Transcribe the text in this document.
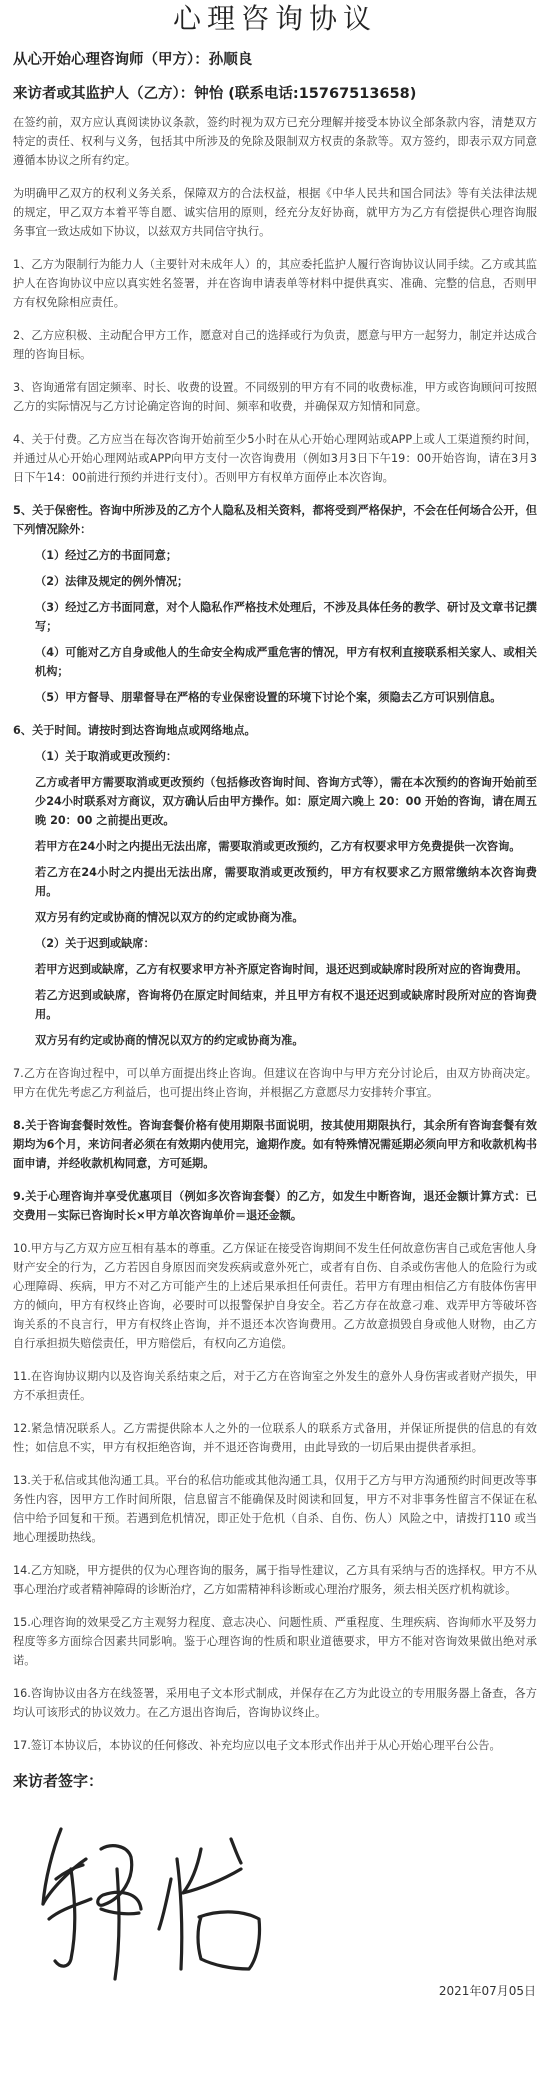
心理咨询协议
从心开始心理咨询师（甲方）：孙顺良
来访者或其监护人（乙方）：钟怡 (联系电话:15767513658)

在签约前，双方应认真阅读协议条款，签约时视为双方已充分理解并接受本协议全部条款内容，清楚双方特定的责任、权利与义务，包括其中所涉及的免除及限制双方权责的条款等。双方签约，即表示双方同意遵循本协议之所有约定。

为明确甲乙双方的权利义务关系，保障双方的合法权益，根据《中华人民共和国合同法》等有关法律法规的规定，甲乙双方本着平等自愿、诚实信用的原则，经充分友好协商，就甲方为乙方有偿提供心理咨询服务事宜一致达成如下协议，以兹双方共同信守执行。

1、乙方为限制行为能力人（主要针对未成年人）的，其应委托监护人履行咨询协议认同手续。乙方或其监护人在咨询协议中应以真实姓名签署，并在咨询申请表单等材料中提供真实、准确、完整的信息，否则甲方有权免除相应责任。

2、乙方应积极、主动配合甲方工作，愿意对自己的选择或行为负责，愿意与甲方一起努力，制定并达成合理的咨询目标。

3、咨询通常有固定频率、时长、收费的设置。不同级别的甲方有不同的收费标准，甲方或咨询顾问可按照乙方的实际情况与乙方讨论确定咨询的时间、频率和收费，并确保双方知情和同意。

4、关于付费。乙方应当在每次咨询开始前至少5小时在从心开始心理网站或APP上或人工渠道预约时间，并通过从心开始心理网站或APP向甲方支付一次咨询费用（例如3月3日下午19：00开始咨询，请在3月3日下午14：00前进行预约并进行支付）。否则甲方有权单方面停止本次咨询。

5、关于保密性。咨询中所涉及的乙方个人隐私及相关资料，都将受到严格保护，不会在任何场合公开，但下列情况除外：

（1）经过乙方的书面同意；

（2）法律及规定的例外情况；

（3）经过乙方书面同意，对个人隐私作严格技术处理后，不涉及具体任务的教学、研讨及文章书记撰写；

（4）可能对乙方自身或他人的生命安全构成严重危害的情况，甲方有权利直接联系相关家人、或相关机构；

（5）甲方督导、朋辈督导在严格的专业保密设置的环境下讨论个案，须隐去乙方可识别信息。

6、关于时间。请按时到达咨询地点或网络地点。

（1）关于取消或更改预约：

乙方或者甲方需要取消或更改预约（包括修改咨询时间、咨询方式等），需在本次预约的咨询开始前至少24小时联系对方商议，双方确认后由甲方操作。如：原定周六晚上 20：00 开始的咨询，请在周五晚 20：00 之前提出更改。

若甲方在24小时之内提出无法出席，需要取消或更改预约，乙方有权要求甲方免费提供一次咨询。

若乙方在24小时之内提出无法出席，需要取消或更改预约，甲方有权要求乙方照常缴纳本次咨询费用。

双方另有约定或协商的情况以双方的约定或协商为准。

（2）关于迟到或缺席：

若甲方迟到或缺席，乙方有权要求甲方补齐原定咨询时间，退还迟到或缺席时段所对应的咨询费用。

若乙方迟到或缺席，咨询将仍在原定时间结束，并且甲方有权不退还迟到或缺席时段所对应的咨询费用。

双方另有约定或协商的情况以双方的约定或协商为准。

7.乙方在咨询过程中，可以单方面提出终止咨询。但建议在咨询中与甲方充分讨论后，由双方协商决定。甲方在优先考虑乙方利益后，也可提出终止咨询，并根据乙方意愿尽力安排转介事宜。

8.关于咨询套餐时效性。咨询套餐价格有使用期限书面说明，按其使用期限执行，其余所有咨询套餐有效期均为6个月，来访问者必须在有效期内使用完，逾期作废。如有特殊情况需延期必须向甲方和收款机构书面申请，并经收款机构同意，方可延期。

9.关于心理咨询并享受优惠项目（例如多次咨询套餐）的乙方，如发生中断咨询，退还金额计算方式：已交费用－实际已咨询时长×甲方单次咨询单价＝退还金额。

10.甲方与乙方双方应互相有基本的尊重。乙方保证在接受咨询期间不发生任何故意伤害自己或危害他人身财产安全的行为，乙方若因自身原因而突发疾病或意外死亡，或者有自伤、自杀或伤害他人的危险行为或心理障碍、疾病，甲方不对乙方可能产生的上述后果承担任何责任。若甲方有理由相信乙方有肢体伤害甲方的倾向，甲方有权终止咨询，必要时可以报警保护自身安全。若乙方存在故意刁难、戏弄甲方等破坏咨询关系的不良言行，甲方有权终止咨询，并不退还本次咨询费用。乙方故意损毁自身或他人财物，由乙方自行承担损失赔偿责任，甲方赔偿后，有权向乙方追偿。

11.在咨询协议期内以及咨询关系结束之后，对于乙方在咨询室之外发生的意外人身伤害或者财产损失，甲方不承担责任。

12.紧急情况联系人。乙方需提供除本人之外的一位联系人的联系方式备用，并保证所提供的信息的有效性；如信息不实，甲方有权拒绝咨询，并不退还咨询费用，由此导致的一切后果由提供者承担。

13.关于私信或其他沟通工具。平台的私信功能或其他沟通工具，仅用于乙方与甲方沟通预约时间更改等事务性内容，因甲方工作时间所限，信息留言不能确保及时阅读和回复，甲方不对非事务性留言不保证在私信中给予回复和干预。若遇到危机情况，即正处于危机（自杀、自伤、伤人）风险之中，请拨打110 或当地心理援助热线。

14.乙方知晓，甲方提供的仅为心理咨询的服务，属于指导性建议，乙方具有采纳与否的选择权。甲方不从事心理治疗或者精神障碍的诊断治疗，乙方如需精神科诊断或心理治疗服务，须去相关医疗机构就诊。

15.心理咨询的效果受乙方主观努力程度、意志决心、问题性质、严重程度、生理疾病、咨询师水平及努力程度等多方面综合因素共同影响。鉴于心理咨询的性质和职业道德要求，甲方不能对咨询效果做出绝对承诺。

16.咨询协议由各方在线签署，采用电子文本形式制成，并保存在乙方为此设立的专用服务器上备查，各方均认可该形式的协议效力。在乙方退出咨询后，咨询协议终止。

17.签订本协议后，本协议的任何修改、补充均应以电子文本形式作出并于从心开始心理平台公告。

来访者签字：
2021年07月05日
